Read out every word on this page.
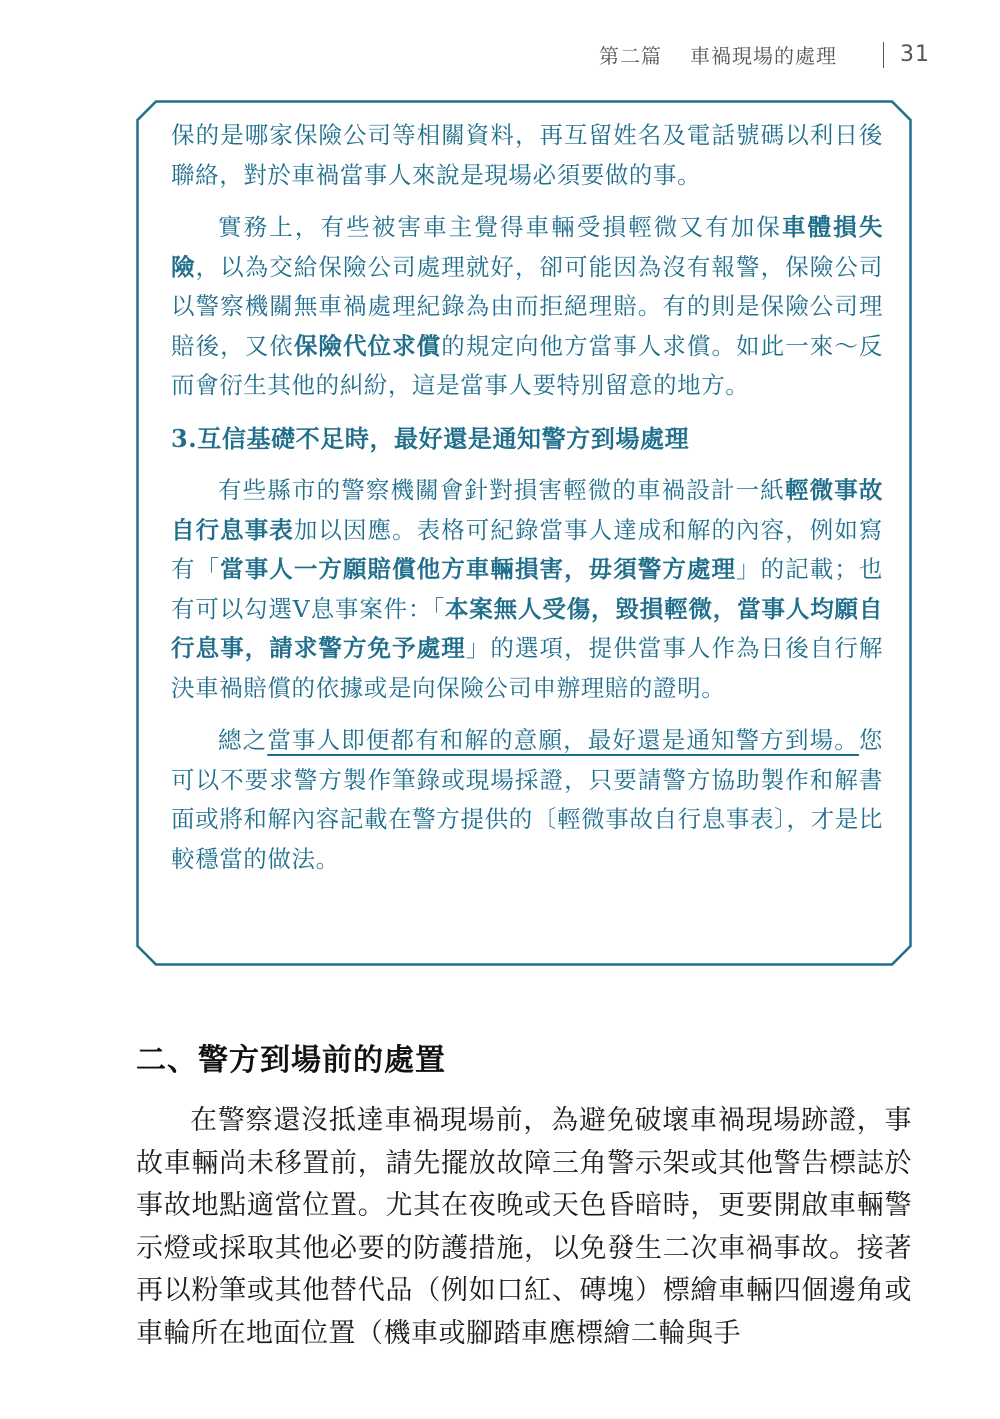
第二篇 車禍現場的處理	31

保的是哪家保險公司等相關資料，再互留姓名及電話號碼以利日後聯絡，對於車禍當事人來說是現場必須要做的事。

實務上，有些被害車主覺得車輛受損輕微又有加保車體損失險，以為交給保險公司處理就好，卻可能因為沒有報警，保險公司以警察機關無車禍處理紀錄為由而拒絕理賠。有的則是保險公司理賠後，又依保險代位求償的規定向他方當事人求償。如此一來～反而會衍生其他的糾紛，這是當事人要特別留意的地方。

3.互信基礎不足時，最好還是通知警方到場處理

有些縣市的警察機關會針對損害輕微的車禍設計一紙輕微事故自行息事表加以因應。表格可紀錄當事人達成和解的內容，例如寫有「當事人一方願賠償他方車輛損害，毋須警方處理」的記載；也有可以勾選V息事案件：「本案無人受傷，毀損輕微，當事人均願自行息事，請求警方免予處理」的選項，提供當事人作為日後自行解決車禍賠償的依據或是向保險公司申辦理賠的證明。

總之當事人即便都有和解的意願，最好還是通知警方到場。您可以不要求警方製作筆錄或現場採證，只要請警方協助製作和解書面或將和解內容記載在警方提供的〔輕微事故自行息事表〕，才是比較穩當的做法。

二、警方到場前的處置

在警察還沒抵達車禍現場前，為避免破壞車禍現場跡證，事故車輛尚未移置前，請先擺放故障三角警示架或其他警告標誌於事故地點適當位置。尤其在夜晚或天色昏暗時，更要開啟車輛警示燈或採取其他必要的防護措施，以免發生二次車禍事故。接著再以粉筆或其他替代品（例如口紅、磚塊）標繪車輛四個邊角或車輪所在地面位置（機車或腳踏車應標繪二輪與手
